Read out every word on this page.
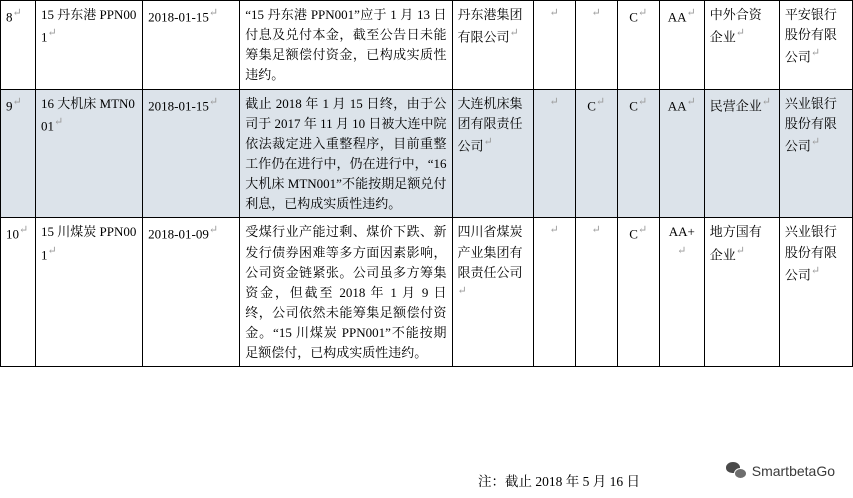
8↵	15 丹东港 PPN001↵	2018-01-15↵	“15 丹东港 PPN001”应于 1 月 13 日付息及兑付本金，截至公告日未能筹集足额偿付资金，已构成实质性违约。	丹东港集团有限公司↵	↵	↵	C↵	AA↵	中外合资企业↵	平安银行股份有限公司↵
9↵	16 大机床 MTN001↵	2018-01-15↵	截止 2018 年 1 月 15 日终，由于公司于 2017 年 11 月 10 日被大连中院依法裁定进入重整程序，目前重整工作仍在进行中，仍在进行中，“16 大机床 MTN001”不能按期足额兑付利息，已构成实质性违约。	大连机床集团有限责任公司↵	↵	C↵	C↵	AA↵	民营企业↵	兴业银行股份有限公司↵
10↵	15 川煤炭 PPN001↵	2018-01-09↵	受煤行业产能过剩、煤价下跌、新发行债券困难等多方面因素影响，公司资金链紧张。公司虽多方筹集资金，但截至 2018 年 1 月 9 日终，公司依然未能筹集足额偿付资金。“15 川煤炭 PPN001”不能按期足额偿付，已构成实质性违约。	四川省煤炭产业集团有限责任公司↵	↵	↵	C↵	AA+↵	地方国有企业↵	兴业银行股份有限公司↵
注：截止 2018 年 5 月 16 日
SmartbetaGo
